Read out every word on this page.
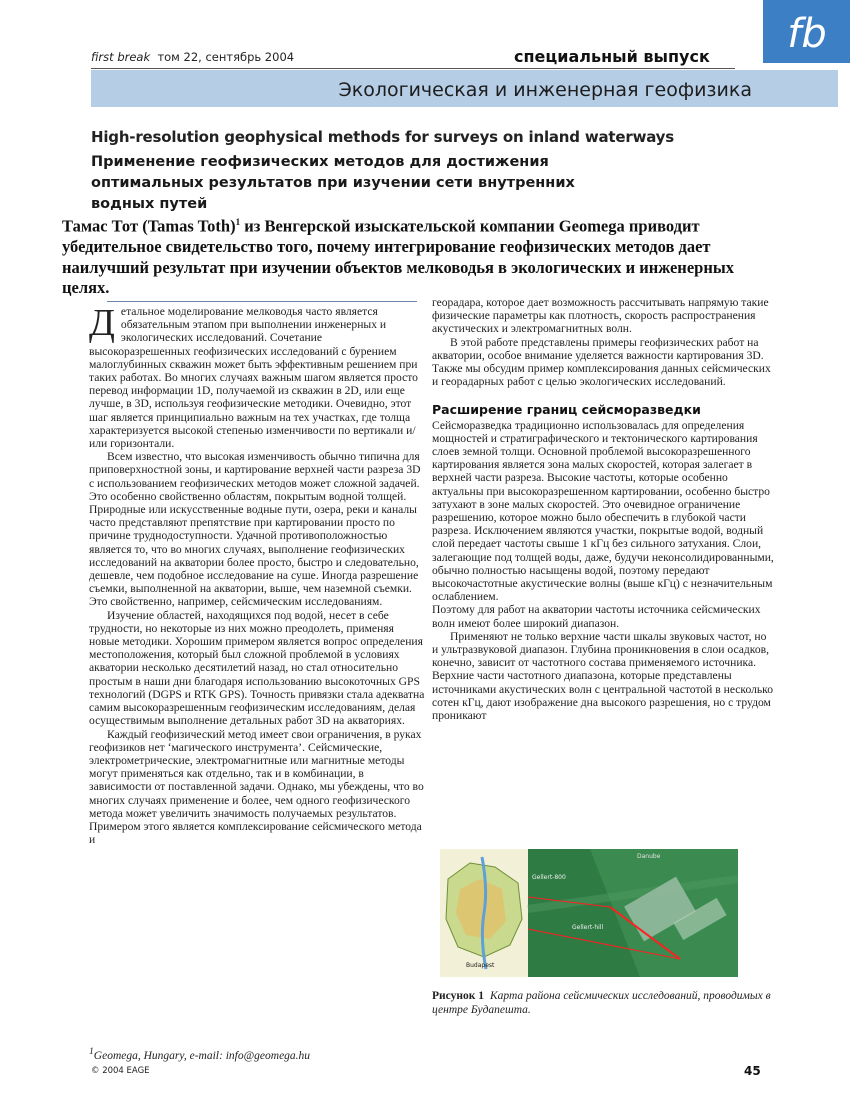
first break том 22, сентябрь 2004	специальный выпуск fb
Экологическая и инженерная геофизика
High-resolution geophysical methods for surveys on inland waterways
Применение геофизических методов для достижения оптимальных результатов при изучении сети внутренних водных путей
Тамас Тот (Tamas Toth)$^1$ из Венгерской изыскательской компании Geomega приводит убедительное свидетельство того, почему интегрирование геофизических методов дает наилучший результат при изучении объектов мелководья в экологических и инженерных целях.

Детальное моделирование мелководья часто является обязательным этапом при выполнении инженерных и экологических исследований. Сочетание высокоразрешенных геофизических исследований с бурением малоглубинных скважин может быть эффективным решением при таких работах. Во многих случаях важным шагом является просто перевод информации 1D, получаемой из скважин в 2D, или еще лучше, в 3D, используя геофизические методики. Очевидно, этот шаг является принципиально важным на тех участках, где толща характеризуется высокой степенью изменчивости по вертикали и/или горизонтали.

Всем известно, что высокая изменчивость обычно типична для приповерхностной зоны, и картирование верхней части разреза 3D с использованием геофизических методов может сложной задачей. Это особенно свойственно областям, покрытым водной толщей. Природные или искусственные водные пути, озера, реки и каналы часто представляют препятствие при картировании просто по причине труднодоступности. Удачной противоположностью является то, что во многих случаях, выполнение геофизических исследований на акватории более просто, быстро и следовательно, дешевле, чем подобное исследование на суше. Иногда разрешение съемки, выполненной на акватории, выше, чем наземной съемки. Это свойственно, например, сейсмическим исследованиям.

Изучение областей, находящихся под водой, несет в себе трудности, но некоторые из них можно преодолеть, применяя новые методики. Хорошим примером является вопрос определения местоположения, который был сложной проблемой в условиях акватории несколько десятилетий назад, но стал относительно простым в наши дни благодаря использованию высокоточных GPS технологий (DGPS и RTK GPS). Точность привязки стала адекватна самим высокоразрешенным геофизическим исследованиям, делая осуществимым выполнение детальных работ 3D на акваториях.

Каждый геофизический метод имеет свои ограничения, в руках геофизиков нет ‘магического инструмента’. Сейсмические, электрометрические, электромагнитные или магнитные методы могут применяться как отдельно, так и в комбинации, в зависимости от поставленной задачи. Однако, мы убеждены, что во многих случаях применение и более, чем одного геофизического метода может увеличить значимость получаемых результатов. Примером этого является комплексирование сейсмического метода и

георадара, которое дает возможность рассчитывать напрямую такие физические параметры как плотность, скорость распространения акустических и электромагнитных волн.

В этой работе представлены примеры геофизических работ на акватории, особое внимание уделяется важности картирования 3D. Также мы обсудим пример комплексирования данных сейсмических и георадарных работ с целью экологических исследований.

Расширение границ сейсморазведки

Сейсморазведка традиционно использовалась для определения мощностей и стратиграфического и тектонического картирования слоев земной толщи. Основной проблемой высокоразрешенного картирования является зона малых скоростей, которая залегает в верхней части разреза. Высокие частоты, которые особенно актуальны при высокоразрешенном картировании, особенно быстро затухают в зоне малых скоростей. Это очевидное ограничение разрешению, которое можно было обеспечить в глубокой части разреза. Исключением являются участки, покрытые водой, водный слой передает частоты свыше 1 кГц без сильного затухания. Слои, залегающие под толщей воды, даже, будучи неконсолидированными, обычно полностью насыщены водой, поэтому передают высокочастотные акустические волны (выше кГц) с незначительным ослаблением.

Поэтому для работ на акватории частоты источника сейсмических волн имеют более широкий диапазон.

Применяют не только верхние части шкалы звуковых частот, но и ультразвуковой диапазон. Глубина проникновения в слои осадков, конечно, зависит от частотного состава применяемого источника. Верхние части частотного диапазона, которые представлены источниками акустических волн с центральной частотой в несколько сотен кГц, дают изображение дна высокого разрешения, но с трудом проникают

Budapest
Danube
Gellert-800
Gellert-hill
Рисунок 1 Карта района сейсмических исследований, проводимых в центре Будапешта.
$^1$Geomega, Hungary, e-mail: info@geomega.hu
© 2004 EAGE	45
